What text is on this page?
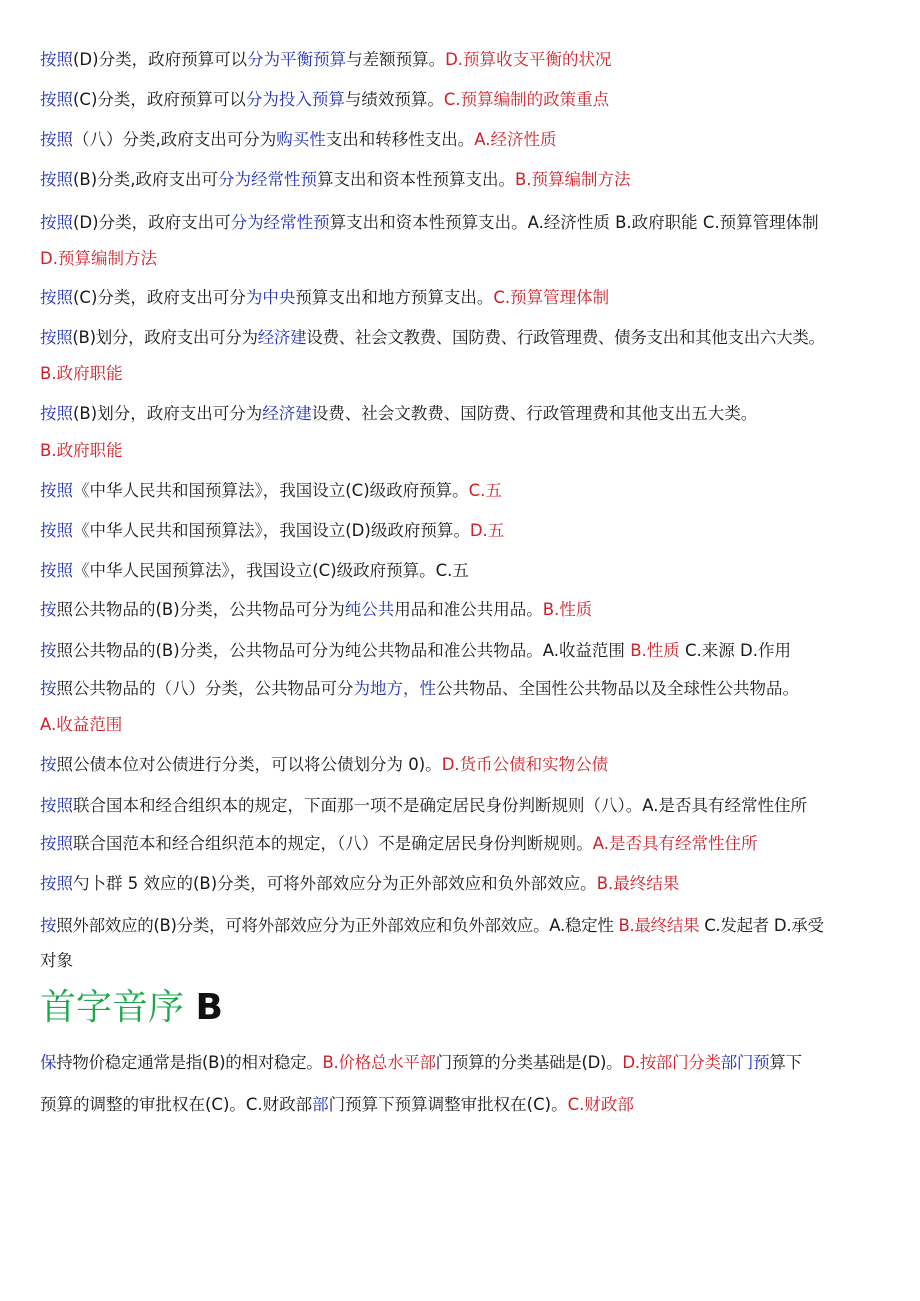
按照(D)分类，政府预算可以分为平衡预算与差额预算。D.预算收支平衡的状况
按照(C)分类，政府预算可以分为投入预算与绩效预算。C.预算编制的政策重点
按照（八）分类,政府支出可分为购买性支出和转移性支出。A.经济性质
按照(B)分类,政府支出可分为经常性预算支出和资本性预算支出。B.预算编制方法
按照(D)分类，政府支出可分为经常性预算支出和资本性预算支出。A.经济性质 B.政府职能 C.预算管理体制
D.预算编制方法
按照(C)分类，政府支出可分为中央预算支出和地方预算支出。C.预算管理体制
按照(B)划分，政府支出可分为经济建设费、社会文教费、国防费、行政管理费、债务支出和其他支出六大类。
B.政府职能
按照(B)划分，政府支出可分为经济建设费、社会文教费、国防费、行政管理费和其他支出五大类。
B.政府职能
按照《中华人民共和国预算法》，我国设立(C)级政府预算。C.五
按照《中华人民共和国预算法》，我国设立(D)级政府预算。D.五
按照《中华人民国预算法》，我国设立(C)级政府预算。C.五
按照公共物品的(B)分类，公共物品可分为纯公共用品和准公共用品。B.性质
按照公共物品的(B)分类，公共物品可分为纯公共物品和准公共物品。A.收益范围 B.性质 C.来源 D.作用
按照公共物品的（八）分类，公共物品可分为地方，性公共物品、全国性公共物品以及全球性公共物品。
A.收益范围
按照公债本位对公债进行分类，可以将公债划分为 0)。D.货币公债和实物公债
按照联合国本和经合组织本的规定，下面那一项不是确定居民身份判断规则（八）。A.是否具有经常性住所
按照联合国范本和经合组织范本的规定，（八）不是确定居民身份判断规则。A.是否具有经常性住所
按照勺卜群 5 效应的(B)分类，可将外部效应分为正外部效应和负外部效应。B.最终结果
按照外部效应的(B)分类，可将外部效应分为正外部效应和负外部效应。A.稳定性 B.最终结果 C.发起者 D.承受
对象
首字音序 B
保持物价稳定通常是指(B)的相对稳定。B.价格总水平部门预算的分类基础是(D)。D.按部门分类部门预算下
预算的调整的审批权在(C)。C.财政部部门预算下预算调整审批权在(C)。C.财政部
